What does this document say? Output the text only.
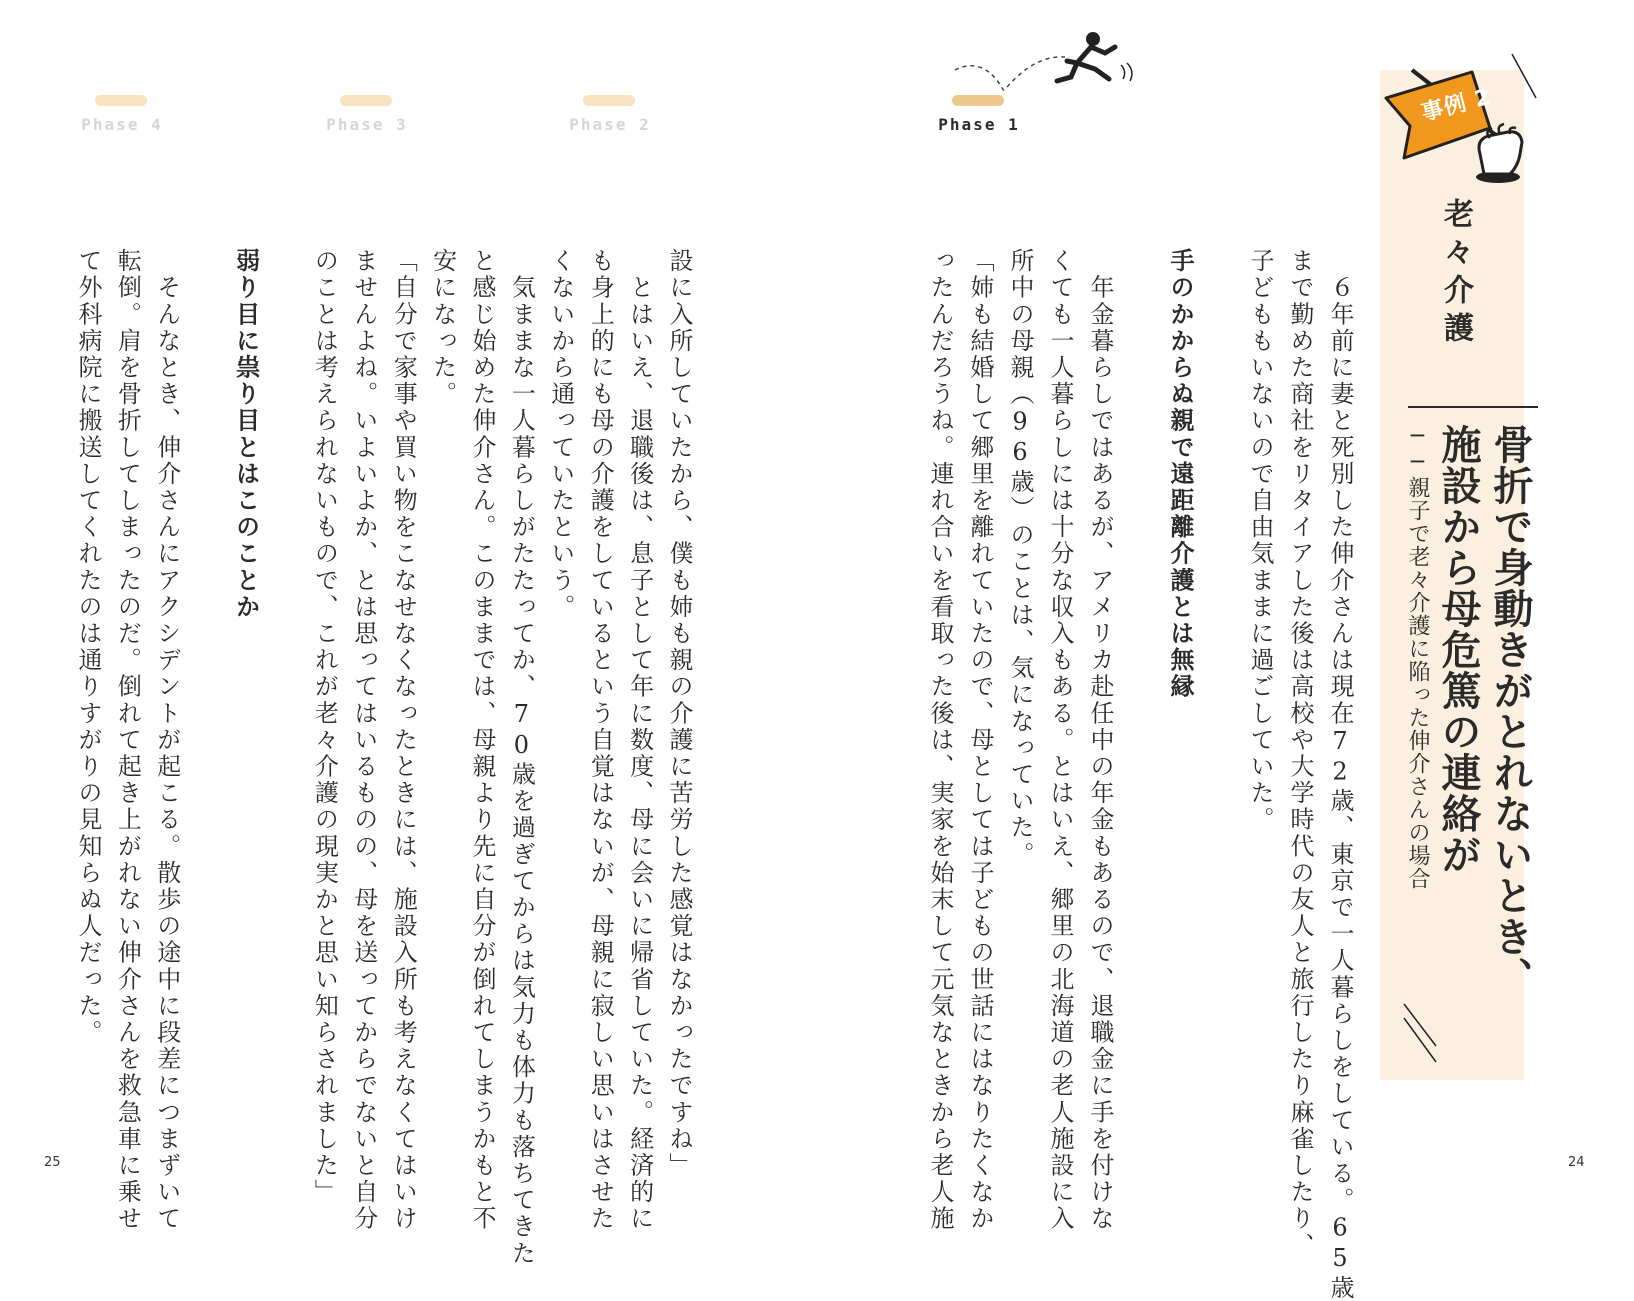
Phase 4	Phase 3	Phase 2	Phase 1	事例 2
老々介護
骨折で身動きがとれないとき、
施設から母危篤の連絡が
──親子で老々介護に陥った伸介さんの場合
　６年前に妻と死別した伸介さんは現在72歳、東京で一人暮らしをしている。65歳
まで勤めた商社をリタイアした後は高校や大学時代の友人と旅行したり麻雀したり、
子どももいないので自由気ままに過ごしていた。
手のかからぬ親で遠距離介護とは無縁
　年金暮らしではあるが、アメリカ赴任中の年金もあるので、退職金に手を付けな
くても一人暮らしには十分な収入もある。とはいえ、郷里の北海道の老人施設に入
所中の母親（96歳）のことは、気になっていた。
「姉も結婚して郷里を離れていたので、母としては子どもの世話にはなりたくなか
ったんだろうね。連れ合いを看取った後は、実家を始末して元気なときから老人施
設に入所していたから、僕も姉も親の介護に苦労した感覚はなかったですね」
　とはいえ、退職後は、息子として年に数度、母に会いに帰省していた。経済的に
も身上的にも母の介護をしているという自覚はないが、母親に寂しい思いはさせた
くないから通っていたという。
　気ままな一人暮らしがたたってか、70歳を過ぎてからは気力も体力も落ちてきた
と感じ始めた伸介さん。このままでは、母親より先に自分が倒れてしまうかもと不
安になった。
「自分で家事や買い物をこなせなくなったときには、施設入所も考えなくてはいけ
ませんよね。いよいよか、とは思ってはいるものの、母を送ってからでないと自分
のことは考えられないもので、これが老々介護の現実かと思い知らされました」
弱り目に祟り目とはこのことか
　そんなとき、伸介さんにアクシデントが起こる。散歩の途中に段差につまずいて
転倒。肩を骨折してしまったのだ。倒れて起き上がれない伸介さんを救急車に乗せ
て外科病院に搬送してくれたのは通りすがりの見知らぬ人だった。
25	24
